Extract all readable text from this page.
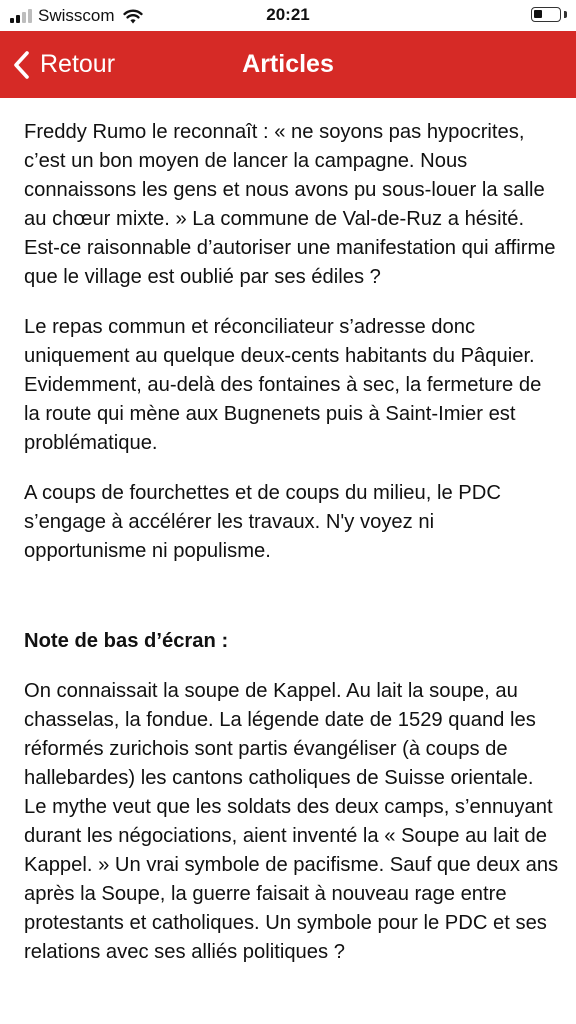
Swisscom	20:21
Retour	Articles

Freddy Rumo le reconnaît : « ne soyons pas hypocrites, c’est un bon moyen de lancer la campagne. Nous connaissons les gens et nous avons pu sous-louer la salle au chœur mixte. » La commune de Val-de-Ruz a hésité. Est-ce raisonnable d’autoriser une manifestation qui affirme que le village est oublié par ses édiles ?

Le repas commun et réconciliateur s’adresse donc uniquement au quelque deux-cents habitants du Pâquier. Evidemment, au-delà des fontaines à sec, la fermeture de la route qui mène aux Bugnenets puis à Saint-Imier est problématique.

A coups de fourchettes et de coups du milieu, le PDC s’engage à accélérer les travaux. N'y voyez ni opportunisme ni populisme.

Note de bas d’écran :

On connaissait la soupe de Kappel. Au lait la soupe, au chasselas, la fondue. La légende date de 1529 quand les réformés zurichois sont partis évangéliser (à coups de hallebardes) les cantons catholiques de Suisse orientale. Le mythe veut que les soldats des deux camps, s’ennuyant durant les négociations, aient inventé la « Soupe au lait de Kappel. » Un vrai symbole de pacifisme. Sauf que deux ans après la Soupe, la guerre faisait à nouveau rage entre protestants et catholiques. Un symbole pour le PDC et ses relations avec ses alliés politiques ?
